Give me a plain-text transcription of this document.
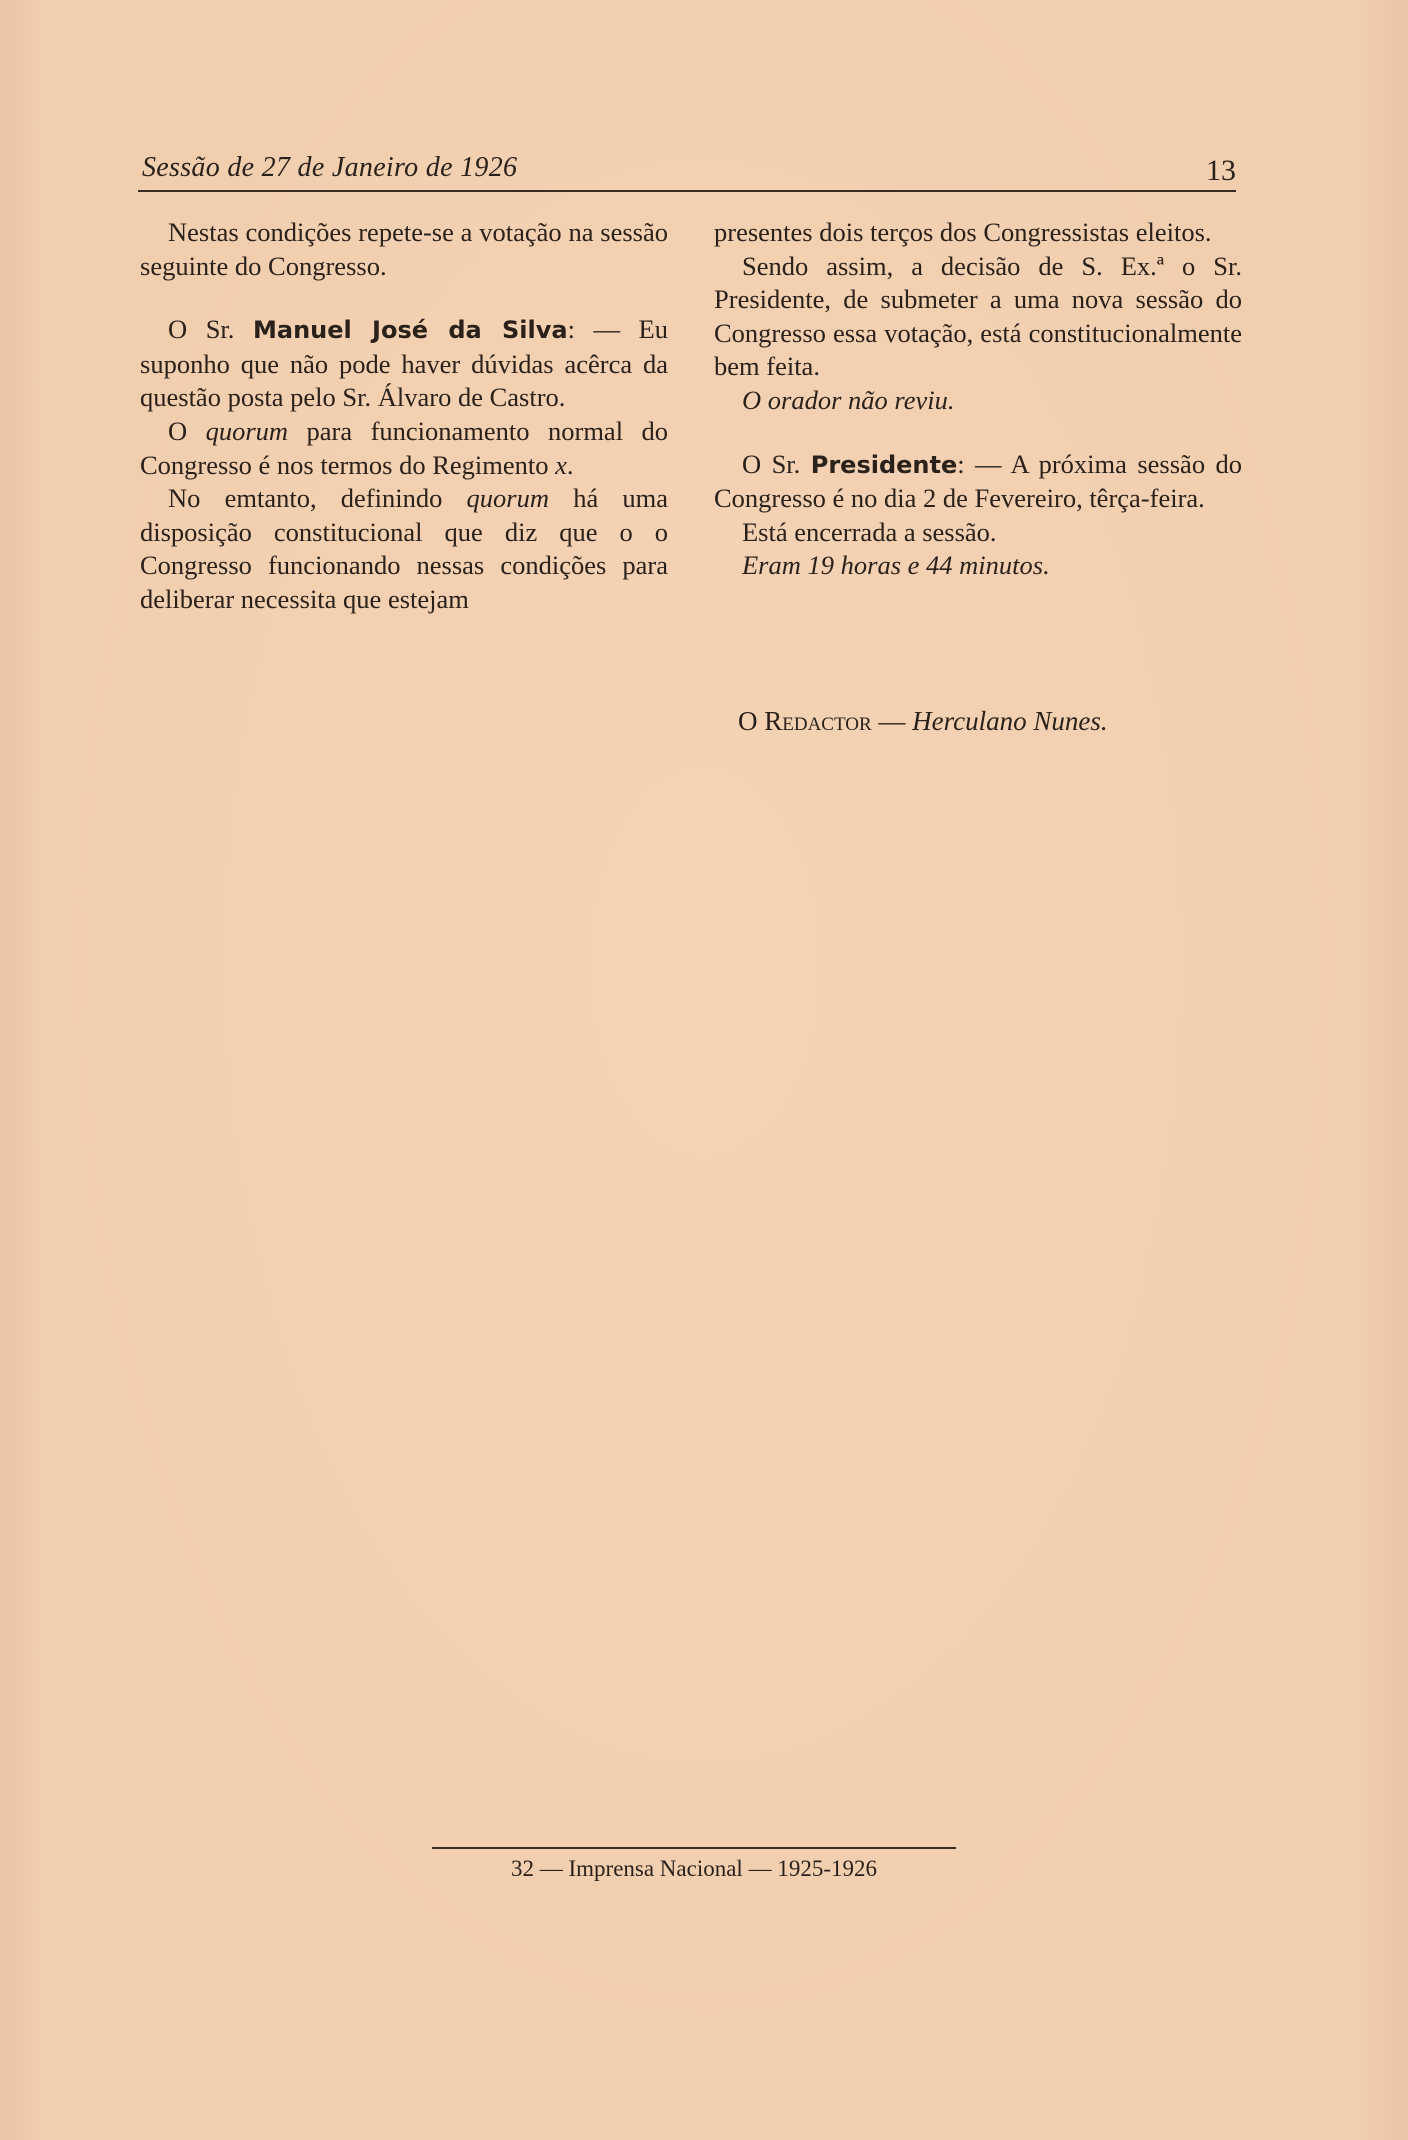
Sessão de 27 de Janeiro de 1926	13

Nestas condições repete-se a votação na sessão seguinte do Congresso.

O Sr. Manuel José da Silva: — Eu suponho que não pode haver dúvidas acêrca da questão posta pelo Sr. Álvaro de Castro.

O quorum para funcionamento normal do Congresso é nos termos do Regimento x.

No emtanto, definindo quorum há uma disposição constitucional que diz que o o Congresso funcionando nessas condições para deliberar necessita que estejam

presentes dois terços dos Congressistas eleitos.

Sendo assim, a decisão de S. Ex.ª o Sr. Presidente, de submeter a uma nova sessão do Congresso essa votação, está constitucionalmente bem feita.

O orador não reviu.

O Sr. Presidente: — A próxima sessão do Congresso é no dia 2 de Fevereiro, têrça-feira.

Está encerrada a sessão.

Eram 19 horas e 44 minutos.

O Redactor — Herculano Nunes.
32 — Imprensa Nacional — 1925-1926
